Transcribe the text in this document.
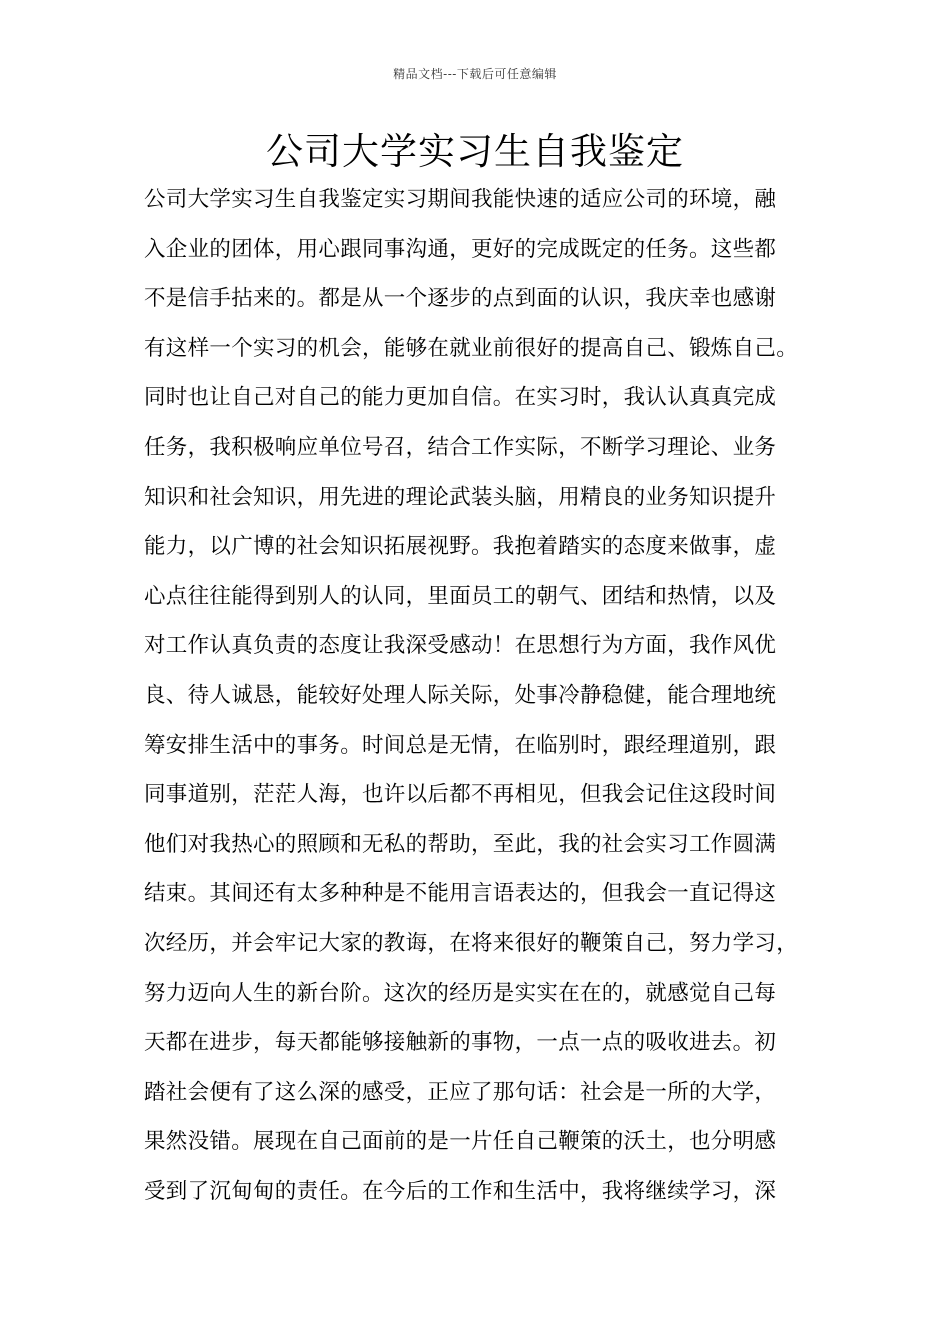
精品文档---下载后可任意编辑
公司大学实习生自我鉴定
公司大学实习生自我鉴定实习期间我能快速的适应公司的环境，融
入企业的团体，用心跟同事沟通，更好的完成既定的任务。这些都
不是信手拈来的。都是从一个逐步的点到面的认识，我庆幸也感谢
有这样一个实习的机会，能够在就业前很好的提高自己、锻炼自己。
同时也让自己对自己的能力更加自信。在实习时，我认认真真完成
任务，我积极响应单位号召，结合工作实际，不断学习理论、业务
知识和社会知识，用先进的理论武装头脑，用精良的业务知识提升
能力，以广博的社会知识拓展视野。我抱着踏实的态度来做事，虚
心点往往能得到别人的认同，里面员工的朝气、团结和热情，以及
对工作认真负责的态度让我深受感动！在思想行为方面，我作风优
良、待人诚恳，能较好处理人际关际，处事冷静稳健，能合理地统
筹安排生活中的事务。时间总是无情，在临别时，跟经理道别，跟
同事道别，茫茫人海，也许以后都不再相见，但我会记住这段时间
他们对我热心的照顾和无私的帮助，至此，我的社会实习工作圆满
结束。其间还有太多种种是不能用言语表达的，但我会一直记得这
次经历，并会牢记大家的教诲，在将来很好的鞭策自己，努力学习，
努力迈向人生的新台阶。这次的经历是实实在在的，就感觉自己每
天都在进步，每天都能够接触新的事物，一点一点的吸收进去。初
踏社会便有了这么深的感受，正应了那句话：社会是一所的大学，
果然没错。展现在自己面前的是一片任自己鞭策的沃土，也分明感
受到了沉甸甸的责任。在今后的工作和生活中，我将继续学习，深
